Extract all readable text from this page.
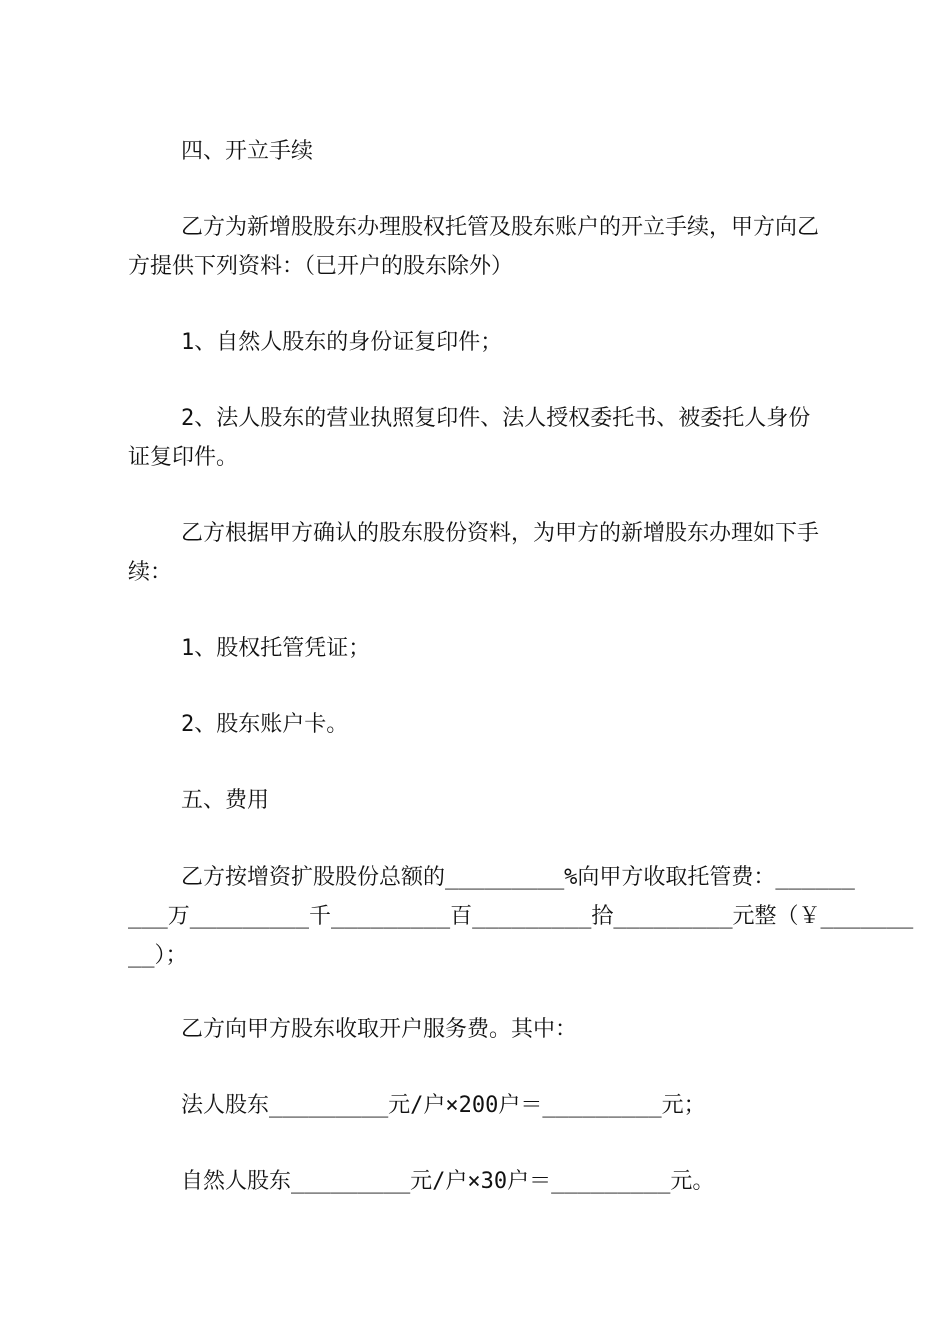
四、开立手续
乙方为新增股股东办理股权托管及股东账户的开立手续，甲方向乙
方提供下列资料：（已开户的股东除外）
1、自然人股东的身份证复印件；
2、法人股东的营业执照复印件、法人授权委托书、被委托人身份
证复印件。
乙方根据甲方确认的股东股份资料，为甲方的新增股东办理如下手
续：
1、股权托管凭证；
2、股东账户卡。
五、费用
乙方按增资扩股股份总额的_________%向甲方收取托管费：______
___万_________千_________百_________拾_________元整（￥_______
__）；
乙方向甲方股东收取开户服务费。其中：
法人股东_________元/户×200户＝_________元；
自然人股东_________元/户×30户＝_________元。
